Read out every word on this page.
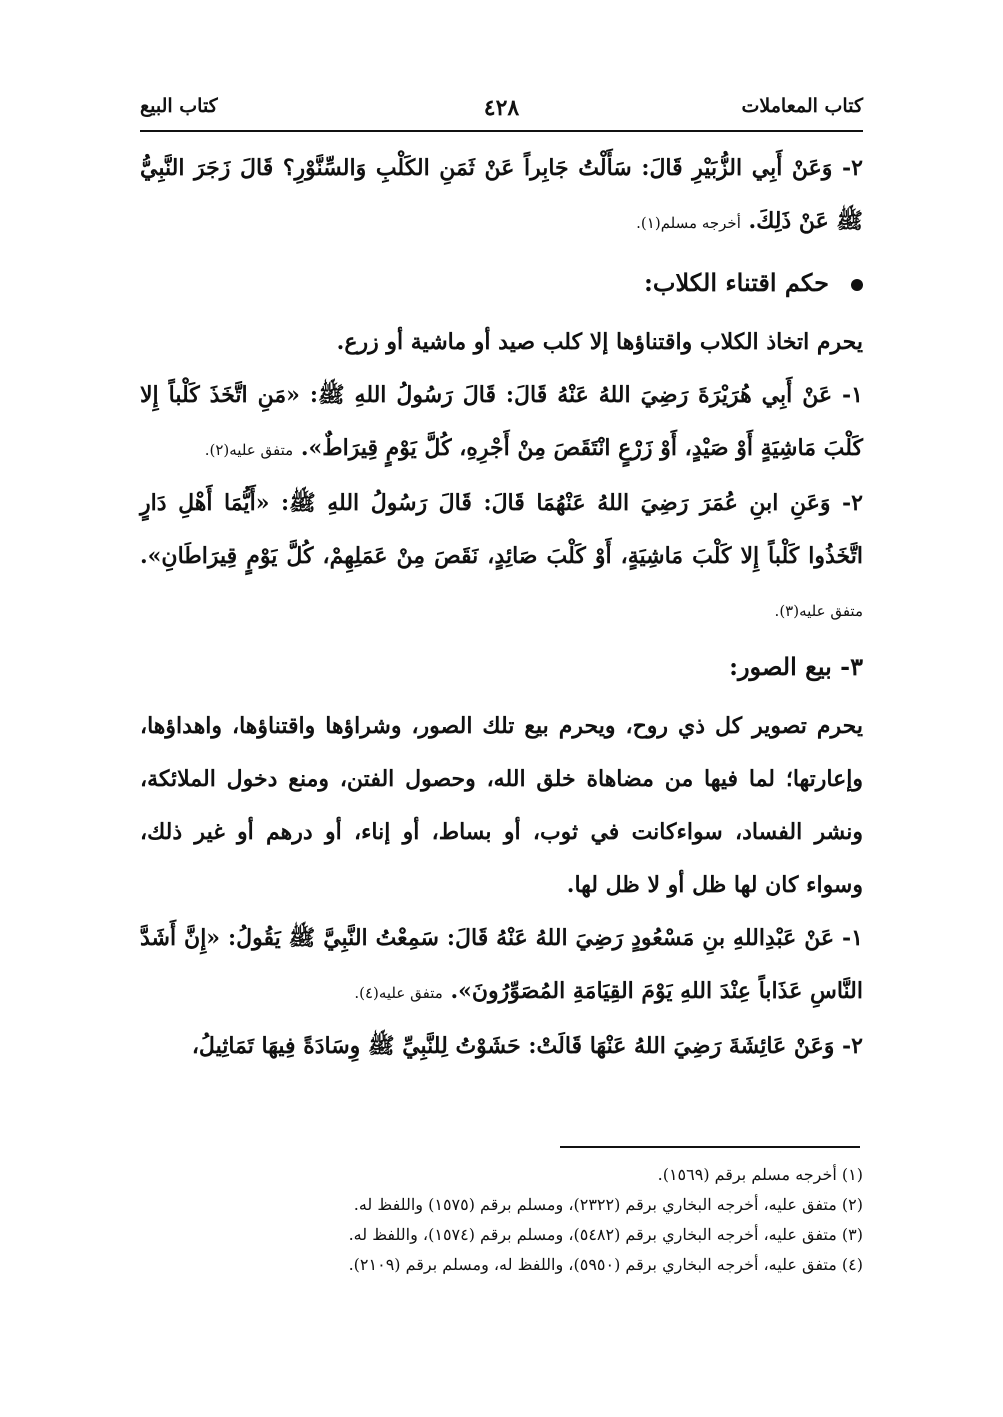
كتاب المعاملات
٤٢٨
كتاب البيع

٢- وَعَنْ أَبِي الزُّبَيْرِ قَالَ: سَأَلْتُ جَابِراً عَنْ ثَمَنِ الكَلْبِ وَالسِّنَّوْرِ؟ قَالَ زَجَرَ النَّبِيُّ ﷺ عَنْ ذَلِكَ. أخرجه مسلم(١).

حكم اقتناء الكلاب:

يحرم اتخاذ الكلاب واقتناؤها إلا كلب صيد أو ماشية أو زرع.

١- عَنْ أَبِي هُرَيْرَةَ رَضِيَ اللهُ عَنْهُ قَالَ: قَالَ رَسُولُ اللهِ ﷺ: «مَنِ اتَّخَذَ كَلْباً إِلا كَلْبَ مَاشِيَةٍ أَوْ صَيْدٍ، أَوْ زَرْعٍ انْتَقَصَ مِنْ أَجْرِهِ، كُلَّ يَوْمٍ قِيرَاطٌ». متفق عليه(٢).

٢- وَعَنِ ابنِ عُمَرَ رَضِيَ اللهُ عَنْهُمَا قَالَ: قَالَ رَسُولُ اللهِ ﷺ: «أَيُّمَا أَهْلِ دَارٍ اتَّخَذُوا كَلْباً إِلا كَلْبَ مَاشِيَةٍ، أَوْ كَلْبَ صَائِدٍ، نَقَصَ مِنْ عَمَلِهِمْ، كُلَّ يَوْمٍ قِيرَاطَانِ». متفق عليه(٣).

٣- بيع الصور:

يحرم تصوير كل ذي روح، ويحرم بيع تلك الصور، وشراؤها واقتناؤها، واهداؤها، وإعارتها؛ لما فيها من مضاهاة خلق الله، وحصول الفتن، ومنع دخول الملائكة، ونشر الفساد، سواءكانت في ثوب، أو بساط، أو إناء، أو درهم أو غير ذلك، وسواء كان لها ظل أو لا ظل لها.

١- عَنْ عَبْدِاللهِ بنِ مَسْعُودٍ رَضِيَ اللهُ عَنْهُ قَالَ: سَمِعْتُ النَّبِيَّ ﷺ يَقُولُ: «إِنَّ أَشَدَّ النَّاسِ عَذَاباً عِنْدَ اللهِ يَوْمَ القِيَامَةِ المُصَوِّرُونَ». متفق عليه(٤).

٢- وَعَنْ عَائِشَةَ رَضِيَ اللهُ عَنْهَا قَالَتْ: حَشَوْتُ لِلنَّبِيِّ ﷺ وِسَادَةً فِيهَا تَمَاثِيلُ،

(١) أخرجه مسلم برقم (١٥٦٩).

(٢) متفق عليه، أخرجه البخاري برقم (٢٣٢٢)، ومسلم برقم (١٥٧٥) واللفظ له.

(٣) متفق عليه، أخرجه البخاري برقم (٥٤٨٢)، ومسلم برقم (١٥٧٤)، واللفظ له.

(٤) متفق عليه، أخرجه البخاري برقم (٥٩٥٠)، واللفظ له، ومسلم برقم (٢١٠٩).
